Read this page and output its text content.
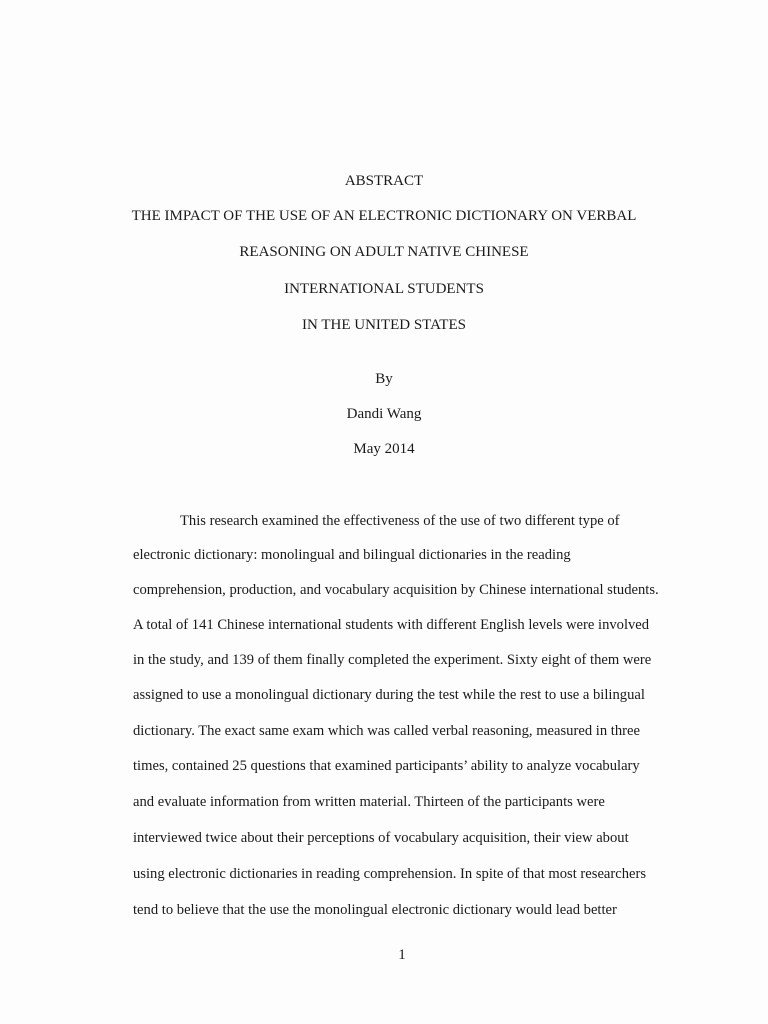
ABSTRACT
THE IMPACT OF THE USE OF AN ELECTRONIC DICTIONARY ON VERBAL
REASONING ON ADULT NATIVE CHINESE
INTERNATIONAL STUDENTS
IN THE UNITED STATES
By
Dandi Wang
May 2014
This research examined the effectiveness of the use of two different type of
electronic dictionary: monolingual and bilingual dictionaries in the reading
comprehension, production, and vocabulary acquisition by Chinese international students.
A total of 141 Chinese international students with different English levels were involved
in the study, and 139 of them finally completed the experiment. Sixty eight of them were
assigned to use a monolingual dictionary during the test while the rest to use a bilingual
dictionary. The exact same exam which was called verbal reasoning, measured in three
times, contained 25 questions that examined participants’ ability to analyze vocabulary
and evaluate information from written material. Thirteen of the participants were
interviewed twice about their perceptions of vocabulary acquisition, their view about
using electronic dictionaries in reading comprehension. In spite of that most researchers
tend to believe that the use the monolingual electronic dictionary would lead better
1
